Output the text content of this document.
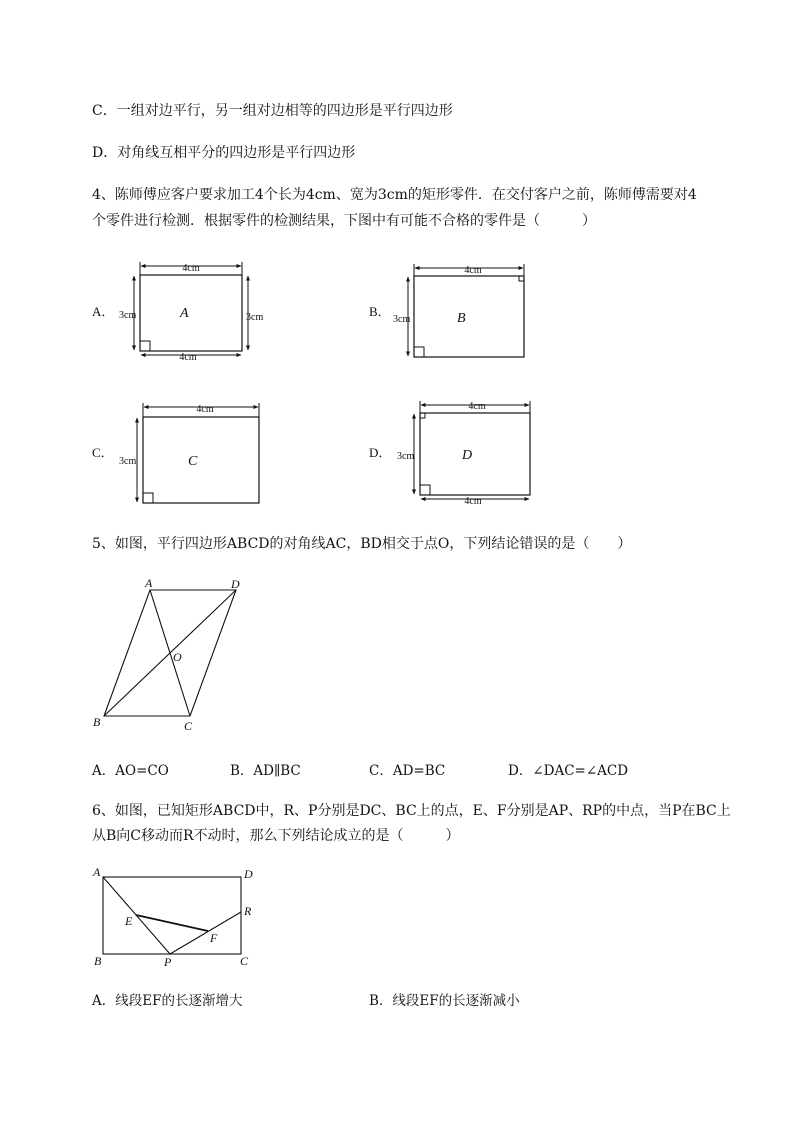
C．一组对边平行，另一组对边相等的四边形是平行四边形
D．对角线互相平分的四边形是平行四边形
4、陈师傅应客户要求加工4个长为4cm、宽为3cm的矩形零件．在交付客户之前，陈师傅需要对4
个零件进行检测．根据零件的检测结果，下图中有可能不合格的零件是（　　　）
A．
4cm
3cm	3cm
4cm
A	B．
4cm
3cm	B
C．
4cm
3cm	C
D．
4cm
3cm
4cm
D
5、如图，平行四边形ABCD的对角线AC，BD相交于点O，下列结论错误的是（　　）
A	D
B	C
O
A．AO=CO	B．AD∥BC	C．AD=BC	D．∠DAC=∠ACD
6、如图，已知矩形ABCD中，R、P分别是DC、BC上的点，E、F分别是AP、RP的中点，当P在BC上
从B向C移动而R不动时，那么下列结论成立的是（　　　）
A	D
B	C
E
F
P
R
A．线段EF的长逐渐增大	B．线段EF的长逐渐减小
